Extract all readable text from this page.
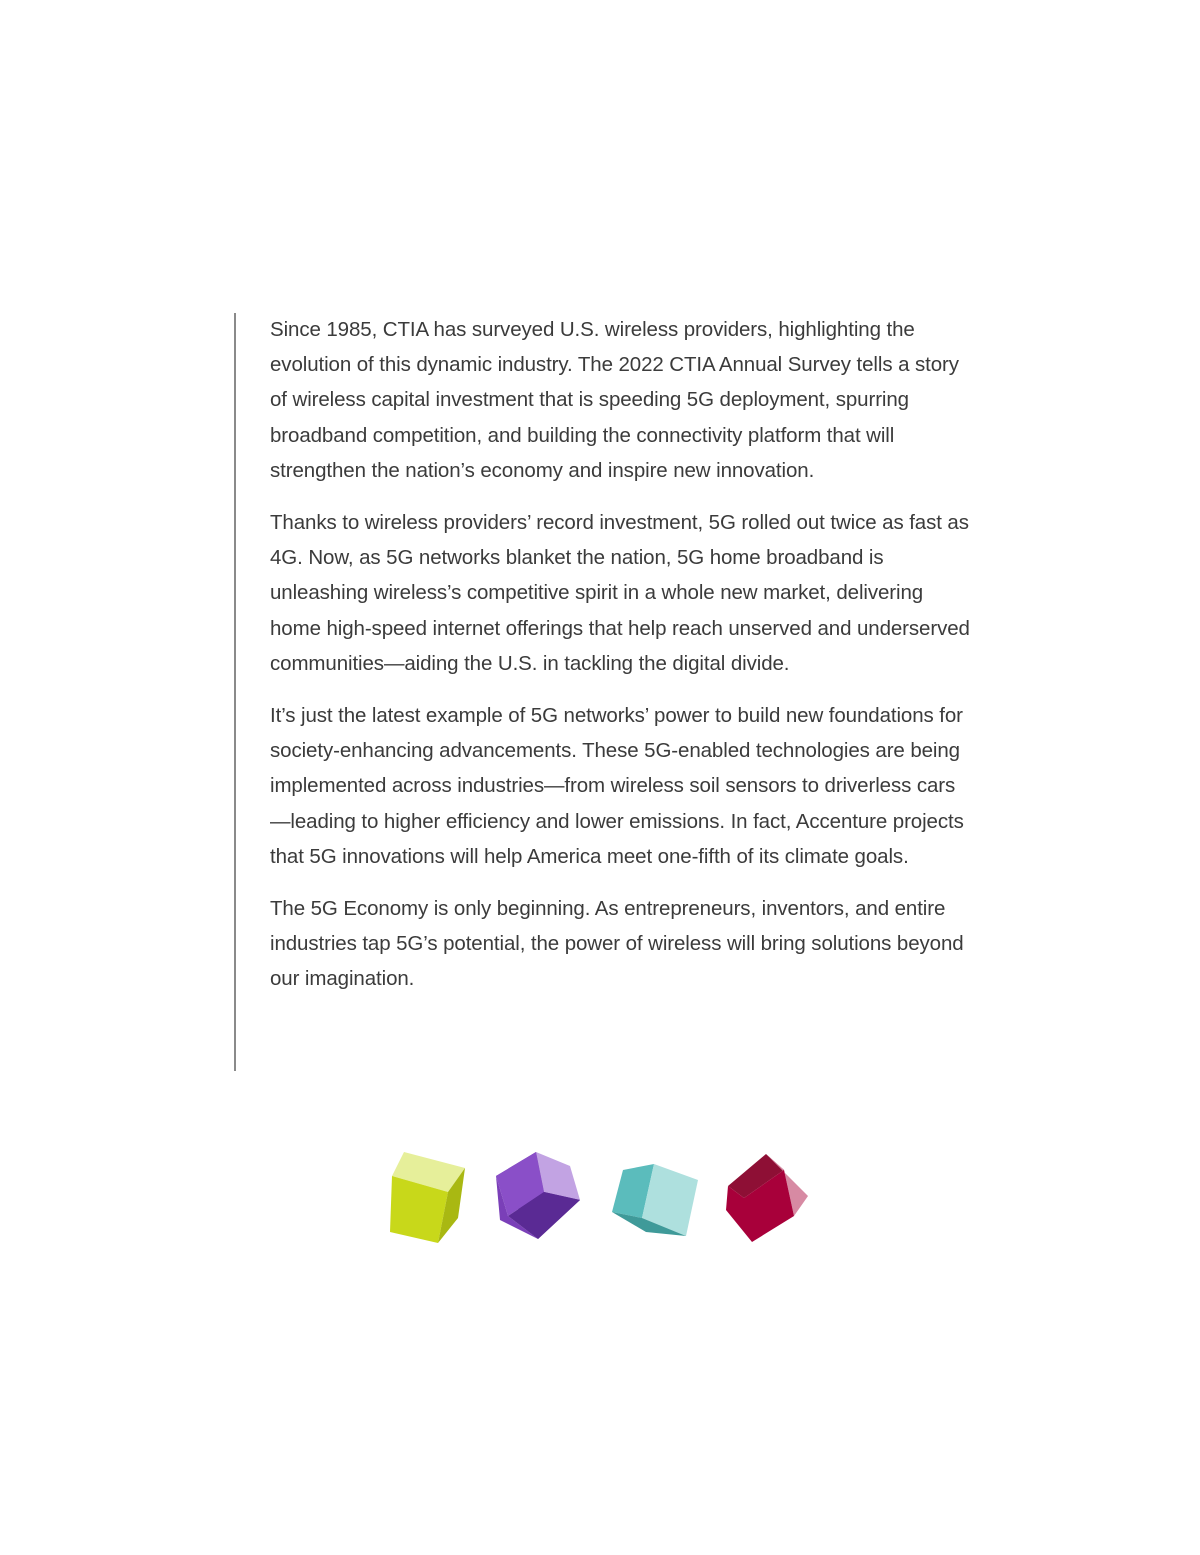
Since 1985, CTIA has surveyed U.S. wireless providers, highlighting the evolution of this dynamic industry. The 2022 CTIA Annual Survey tells a story of wireless capital investment that is speeding 5G deployment, spurring broadband competition, and building the connectivity platform that will strengthen the nation’s economy and inspire new innovation.

Thanks to wireless providers’ record investment, 5G rolled out twice as fast as 4G. Now, as 5G networks blanket the nation, 5G home broadband is unleashing wireless’s competitive spirit in a whole new market, delivering home high-speed internet offerings that help reach unserved and underserved communities—aiding the U.S. in tackling the digital divide.

It’s just the latest example of 5G networks’ power to build new foundations for society-enhancing advancements. These 5G-enabled technologies are being implemented across industries—from wireless soil sensors to driverless cars—leading to higher efficiency and lower emissions. In fact, Accenture projects that 5G innovations will help America meet one-fifth of its climate goals.

The 5G Economy is only beginning. As entrepreneurs, inventors, and entire industries tap 5G’s potential, the power of wireless will bring solutions beyond our imagination.
